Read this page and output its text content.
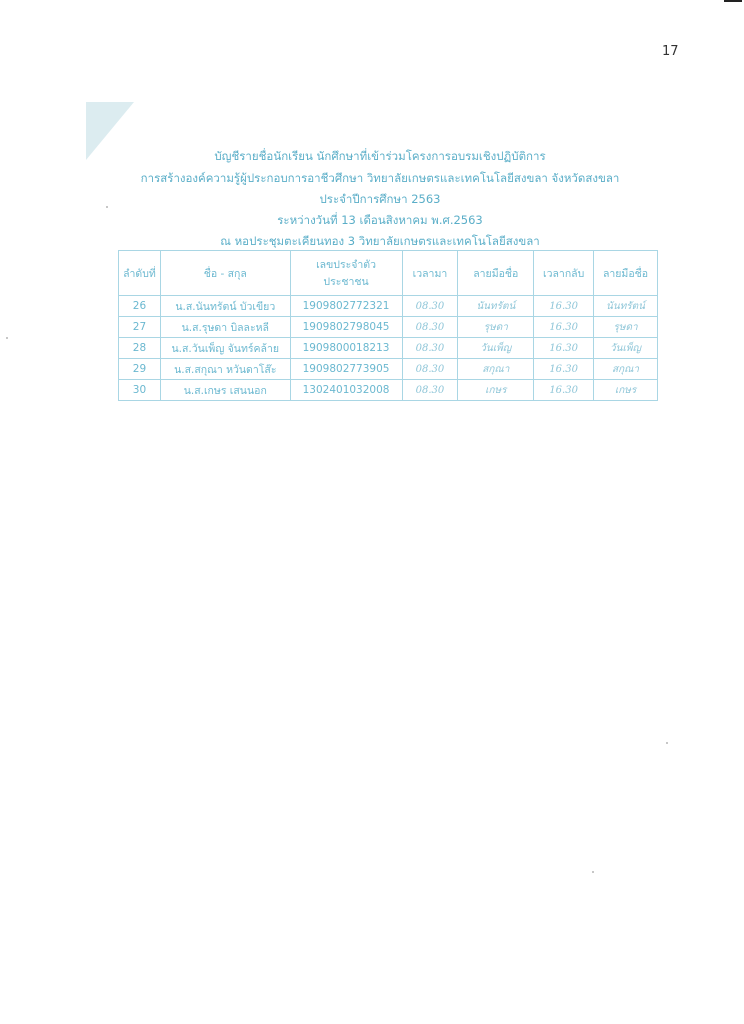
17
บัญชีรายชื่อนักเรียน นักศึกษาที่เข้าร่วมโครงการอบรมเชิงปฏิบัติการ
การสร้างองค์ความรู้ผู้ประกอบการอาชีวศึกษา วิทยาลัยเกษตรและเทคโนโลยีสงขลา จังหวัดสงขลา
ประจำปีการศึกษา 2563
ระหว่างวันที่ 13 เดือนสิงหาคม พ.ศ.2563
ณ หอประชุมตะเคียนทอง 3 วิทยาลัยเกษตรและเทคโนโลยีสงขลา
ลำดับที่	ชื่อ - สกุล	เลขประจำตัวประชาชน	เวลามา	ลายมือชื่อ	เวลากลับ	ลายมือชื่อ
26	น.ส.นันทรัตน์ บัวเขียว	1909802772321	08.30	นันทรัตน์	16.30	นันทรัตน์
27	น.ส.รุษดา บิลละหลี	1909802798045	08.30	รุษดา	16.30	รุษดา
28	น.ส.วันเพ็ญ จันทร์คล้าย	1909800018213	08.30	วันเพ็ญ	16.30	วันเพ็ญ
29	น.ส.สกุณา หวันดาโส๊ะ	1909802773905	08.30	สกุณา	16.30	สกุณา
30	น.ส.เกษร เสนนอก	1302401032008	08.30	เกษร	16.30	เกษร
